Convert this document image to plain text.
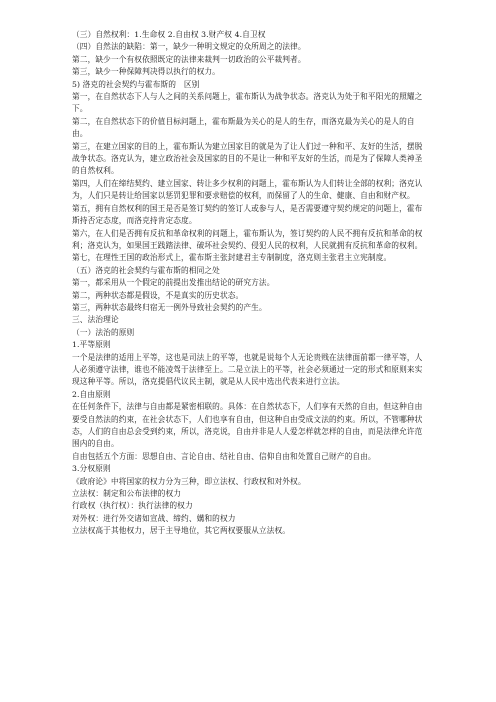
（三）自然权利：1.生命权 2.自由权 3.财产权 4.自卫权

（四）自然法的缺陷：第一，缺少一种明文规定的众所周之的法律。

第二，缺少一个有权依照既定的法律来裁判一切政治的公平裁判者。

第三，缺少一种保障判决得以执行的权力。

5) 洛克的社会契约与霍布斯的　区别

第一，在自然状态下人与人之间的关系问题上，霍布斯认为战争状态。洛克认为处于和平阳光的照耀之下。

第二，在自然状态下的价值目标问题上，霍布斯最为关心的是人的生存，而洛克最为关心的是人的自由。

第三，在建立国家的目的上，霍布斯认为建立国家目的就是为了让人们过一种和平、友好的生活，摆脱战争状态。洛克认为，建立政治社会及国家的目的不是让一种和平友好的生活，而是为了保障人类神圣的自然权利。

第四，人们在缔结契约、建立国家、转让多少权利的问题上，霍布斯认为人们转让全部的权利；洛克认为，人们只是转让给国家以惩罚犯罪和要求赔偿的权利，而保留了人的生命、健康、自由和财产权。

第五，拥有自然权利的国王是否是签订契约的签订人或参与人，是否需要遵守契约规定的问题上，霍布斯持否定态度，而洛克持肯定态度。

第六，在人们是否拥有反抗和革命权利的问题上，霍布斯认为，签订契约的人民不拥有反抗和革命的权利；洛克认为，如果国王践踏法律、破坏社会契约、侵犯人民的权利，人民就拥有反抗和革命的权利。

第七，在理性王国的政治形式上，霍布斯主张封建君主专制制度，洛克则主张君主立宪制度。

（五）洛克的社会契约与霍布斯的相同之处

第一，都采用从一个假定的前提出发推出结论的研究方法。

第二，两种状态都是假设，不是真实的历史状态。

第三，两种状态最终归宿无一例外导致社会契约的产生。

三、法治理论

（一）法治的原则

1.平等原则

一个是法律的适用上平等，这也是司法上的平等，也就是说每个人无论贵贱在法律面前都一律平等，人人必须遵守法律，谁也不能凌驾于法律至上。二是立法上的平等，社会必须通过一定的形式和原则来实现这种平等。所以，洛克提倡代议民主制，就是从人民中选出代表来进行立法。

2.自由原则

在任何条件下，法律与自由都是紧密相联的。具体：在自然状态下，人们享有天然的自由，但这种自由要受自然法的约束，在社会状态下，人们也享有自由，但这种自由受成文法的约束。所以，不管哪种状态，人们的自由总会受到约束，所以，洛克说，自由并非是人人爱怎样就怎样的自由，而是法律允许范围内的自由。

自由包括五个方面：思想自由、言论自由、结社自由、信仰自由和处置自己财产的自由。

3.分权原则

《政府论》中将国家的权力分为三种，即立法权、行政权和对外权。

立法权：制定和公布法律的权力

行政权（执行权）：执行法律的权力

对外权：进行外交诸如宣战、缔约、媾和的权力

立法权高于其他权力，居于主导地位，其它两权要服从立法权。
